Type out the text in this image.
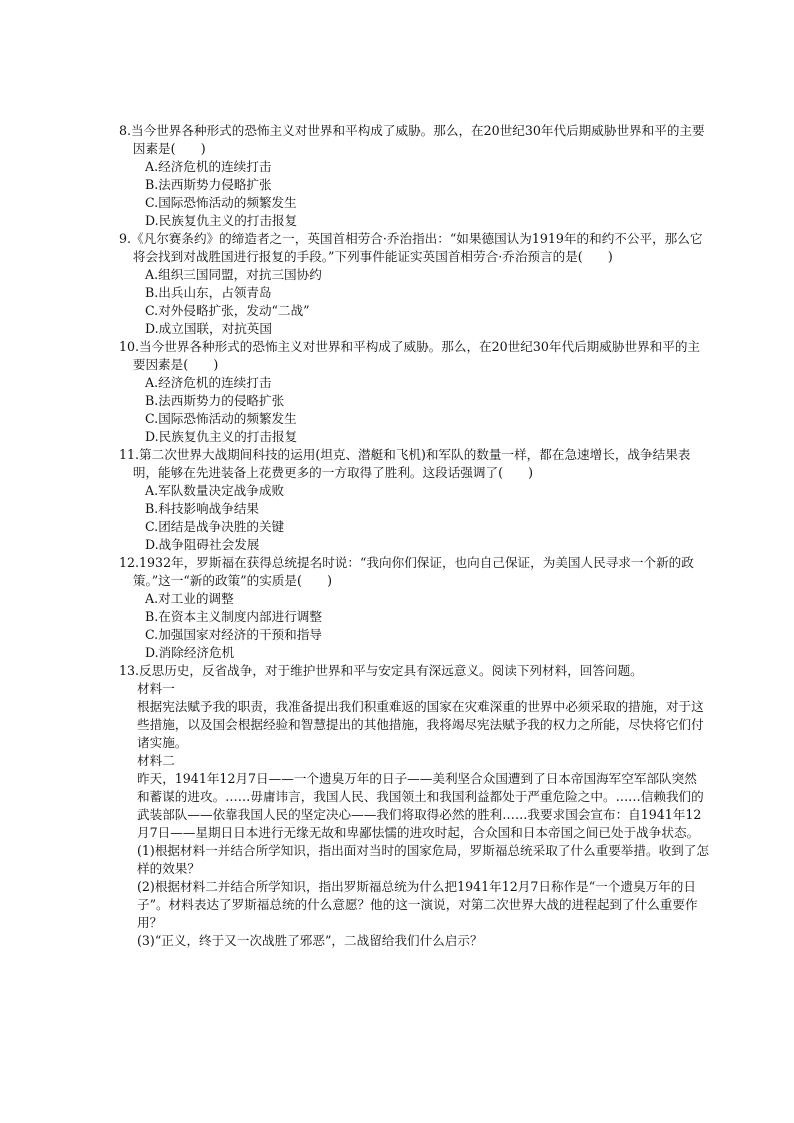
8.当今世界各种形式的恐怖主义对世界和平构成了威胁。那么，在20世纪30年代后期威胁世界和平的主要因素是(　　)

A.经济危机的连续打击

B.法西斯势力侵略扩张

C.国际恐怖活动的频繁发生

D.民族复仇主义的打击报复

9.《凡尔赛条约》的缔造者之一，英国首相劳合·乔治指出：“如果德国认为1919年的和约不公平，那么它将会找到对战胜国进行报复的手段。”下列事件能证实英国首相劳合·乔治预言的是(　　)

A.组织三国同盟，对抗三国协约

B.出兵山东，占领青岛

C.对外侵略扩张，发动“二战”

D.成立国联，对抗英国

10.当今世界各种形式的恐怖主义对世界和平构成了威胁。那么，在20世纪30年代后期威胁世界和平的主要因素是(　　)

A.经济危机的连续打击

B.法西斯势力的侵略扩张

C.国际恐怖活动的频繁发生

D.民族复仇主义的打击报复

11.第二次世界大战期间科技的运用(坦克、潜艇和飞机)和军队的数量一样，都在急速增长，战争结果表明，能够在先进装备上花费更多的一方取得了胜利。这段话强调了(　　)

A.军队数量决定战争成败

B.科技影响战争结果

C.团结是战争决胜的关键

D.战争阻碍社会发展

12.1932年，罗斯福在获得总统提名时说：“我向你们保证，也向自己保证，为美国人民寻求一个新的政策。”这一“新的政策”的实质是(　　)

A.对工业的调整

B.在资本主义制度内部进行调整

C.加强国家对经济的干预和指导

D.消除经济危机

13.反思历史，反省战争，对于维护世界和平与安定具有深远意义。阅读下列材料，回答问题。

材料一

根据宪法赋予我的职责，我准备提出我们积重难返的国家在灾难深重的世界中必须采取的措施，对于这些措施，以及国会根据经验和智慧提出的其他措施，我将竭尽宪法赋予我的权力之所能，尽快将它们付诸实施。

材料二

昨天，1941年12月7日——一个遗臭万年的日子——美利坚合众国遭到了日本帝国海军空军部队突然和蓄谋的进攻。……毋庸讳言，我国人民、我国领土和我国利益都处于严重危险之中。……信赖我们的武装部队——依靠我国人民的坚定决心——我们将取得必然的胜利……我要求国会宣布：自1941年12月7日——星期日日本进行无缘无故和卑鄙怯懦的进攻时起，合众国和日本帝国之间已处于战争状态。

(1)根据材料一并结合所学知识，指出面对当时的国家危局，罗斯福总统采取了什么重要举措。收到了怎样的效果？

(2)根据材料二并结合所学知识，指出罗斯福总统为什么把1941年12月7日称作是“一个遗臭万年的日子”。材料表达了罗斯福总统的什么意愿？他的这一演说，对第二次世界大战的进程起到了什么重要作用？

(3)“正义，终于又一次战胜了邪恶”，二战留给我们什么启示？
